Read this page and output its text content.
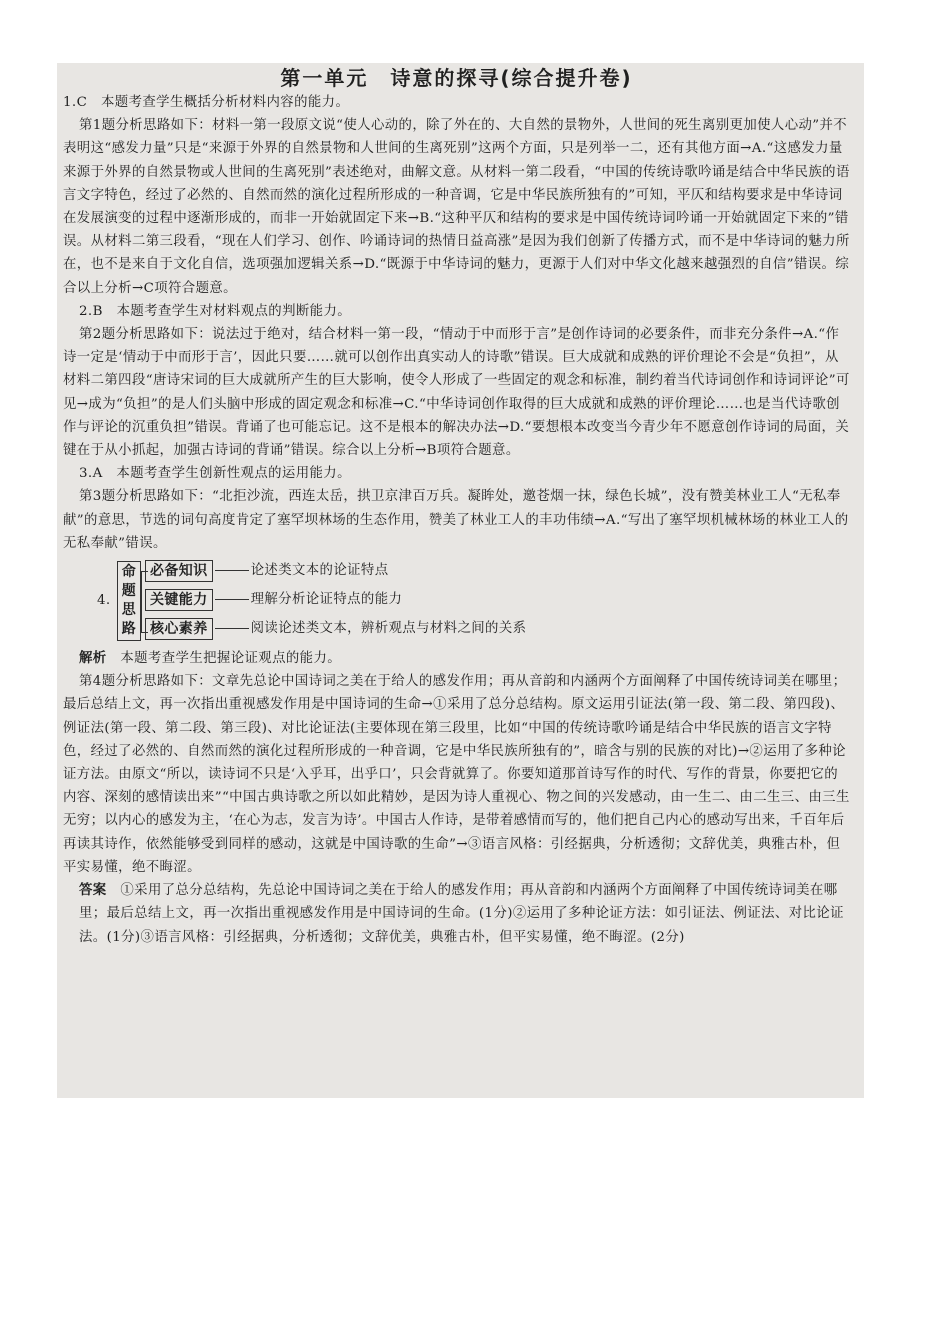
第一单元　诗意的探寻(综合提升卷)

1.C　本题考查学生概括分析材料内容的能力。

第1题分析思路如下：材料一第一段原文说“使人心动的，除了外在的、大自然的景物外，人世间的死生离别更加使人心动”并不表明这“感发力量”只是“来源于外界的自然景物和人世间的生离死别”这两个方面，只是列举一二，还有其他方面→A.“这感发力量来源于外界的自然景物或人世间的生离死别”表述绝对，曲解文意。从材料一第二段看，“中国的传统诗歌吟诵是结合中华民族的语言文字特色，经过了必然的、自然而然的演化过程所形成的一种音调，它是中华民族所独有的”可知，平仄和结构要求是中华诗词在发展演变的过程中逐渐形成的，而非一开始就固定下来→B.“这种平仄和结构的要求是中国传统诗词吟诵一开始就固定下来的”错误。从材料二第三段看，“现在人们学习、创作、吟诵诗词的热情日益高涨”是因为我们创新了传播方式，而不是中华诗词的魅力所在，也不是来自于文化自信，选项强加逻辑关系→D.“既源于中华诗词的魅力，更源于人们对中华文化越来越强烈的自信”错误。综合以上分析→C项符合题意。

2.B　本题考查学生对材料观点的判断能力。

第2题分析思路如下：说法过于绝对，结合材料一第一段，“情动于中而形于言”是创作诗词的必要条件，而非充分条件→A.“作诗一定是‘情动于中而形于言’，因此只要……就可以创作出真实动人的诗歌”错误。巨大成就和成熟的评价理论不会是“负担”，从材料二第四段“唐诗宋词的巨大成就所产生的巨大影响，使令人形成了一些固定的观念和标准，制约着当代诗词创作和诗词评论”可见→成为“负担”的是人们头脑中形成的固定观念和标准→C.“中华诗词创作取得的巨大成就和成熟的评价理论……也是当代诗歌创作与评论的沉重负担”错误。背诵了也可能忘记。这不是根本的解决办法→D.“要想根本改变当今青少年不愿意创作诗词的局面，关键在于从小抓起，加强古诗词的背诵”错误。综合以上分析→B项符合题意。

3.A　本题考查学生创新性观点的运用能力。

第3题分析思路如下：“北拒沙流，西连太岳，拱卫京津百万兵。凝眸处，邀苍烟一抹，绿色长城”，没有赞美林业工人“无私奉献”的意思，节选的词句高度肯定了塞罕坝林场的生态作用，赞美了林业工人的丰功伟绩→A.“写出了塞罕坝机械林场的林业工人的无私奉献”错误。

4.
命题思路
必备知识	论述类文本的论证特点
关键能力	理解分析论证特点的能力
核心素养	阅读论述类文本，辨析观点与材料之间的关系

解析　 本题考查学生把握论证观点的能力。

第4题分析思路如下：文章先总论中国诗词之美在于给人的感发作用；再从音韵和内涵两个方面阐释了中国传统诗词美在哪里；最后总结上文，再一次指出重视感发作用是中国诗词的生命→①采用了总分总结构。原文运用引证法(第一段、第二段、第四段)、例证法(第一段、第二段、第三段)、对比论证法(主要体现在第三段里，比如“中国的传统诗歌吟诵是结合中华民族的语言文字特色，经过了必然的、自然而然的演化过程所形成的一种音调，它是中华民族所独有的”，暗含与别的民族的对比)→②运用了多种论证方法。由原文“所以，读诗词不只是‘入乎耳，出乎口’，只会背就算了。你要知道那首诗写作的时代、写作的背景，你要把它的内容、深刻的感情读出来”“中国古典诗歌之所以如此精妙，是因为诗人重视心、物之间的兴发感动，由一生二、由二生三、由三生无穷；以内心的感发为主，‘在心为志，发言为诗’。中国古人作诗，是带着感情而写的，他们把自己内心的感动写出来，千百年后再读其诗作，依然能够受到同样的感动，这就是中国诗歌的生命”→③语言风格：引经据典，分析透彻；文辞优美，典雅古朴，但平实易懂，绝不晦涩。

答案　 ①采用了总分总结构，先总论中国诗词之美在于给人的感发作用；再从音韵和内涵两个方面阐释了中国传统诗词美在哪里；最后总结上文，再一次指出重视感发作用是中国诗词的生命。(1分)②运用了多种论证方法：如引证法、例证法、对比论证法。(1分)③语言风格：引经据典，分析透彻；文辞优美，典雅古朴，但平实易懂，绝不晦涩。(2分)
